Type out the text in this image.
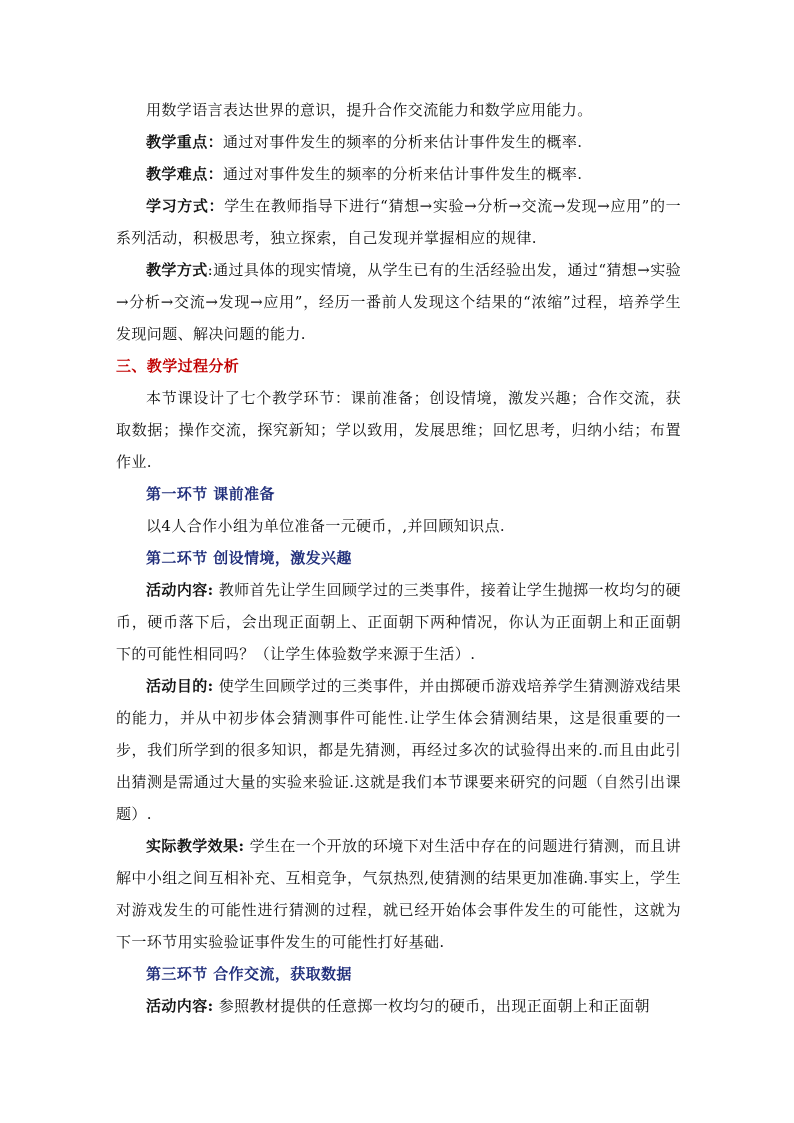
用数学语言表达世界的意识，提升合作交流能力和数学应用能力。

教学重点：通过对事件发生的频率的分析来估计事件发生的概率.

教学难点：通过对事件发生的频率的分析来估计事件发生的概率.

学习方式：学生在教师指导下进行“猜想→实验→分析→交流→发现→应用”的一系列活动，积极思考，独立探索，自己发现并掌握相应的规律.

教学方式:通过具体的现实情境，从学生已有的生活经验出发，通过“猜想→实验→分析→交流→发现→应用”，经历一番前人发现这个结果的“浓缩”过程，培养学生发现问题、解决问题的能力.

三、教学过程分析

本节课设计了七个教学环节：课前准备；创设情境，激发兴趣；合作交流，获取数据；操作交流，探究新知；学以致用，发展思维；回忆思考，归纳小结；布置作业.

第一环节 课前准备

以4人合作小组为单位准备一元硬币，,并回顾知识点.

第二环节 创设情境，激发兴趣

活动内容: 教师首先让学生回顾学过的三类事件，接着让学生抛掷一枚均匀的硬币，硬币落下后，会出现正面朝上、正面朝下两种情况，你认为正面朝上和正面朝下的可能性相同吗？（让学生体验数学来源于生活）.

活动目的: 使学生回顾学过的三类事件，并由掷硬币游戏培养学生猜测游戏结果的能力，并从中初步体会猜测事件可能性.让学生体会猜测结果，这是很重要的一步，我们所学到的很多知识，都是先猜测，再经过多次的试验得出来的.而且由此引出猜测是需通过大量的实验来验证.这就是我们本节课要来研究的问题（自然引出课题）.

实际教学效果: 学生在一个开放的环境下对生活中存在的问题进行猜测，而且讲解中小组之间互相补充、互相竞争，气氛热烈,使猜测的结果更加准确.事实上，学生对游戏发生的可能性进行猜测的过程，就已经开始体会事件发生的可能性，这就为下一环节用实验验证事件发生的可能性打好基础.

第三环节 合作交流，获取数据

活动内容: 参照教材提供的任意掷一枚均匀的硬币，出现正面朝上和正面朝
